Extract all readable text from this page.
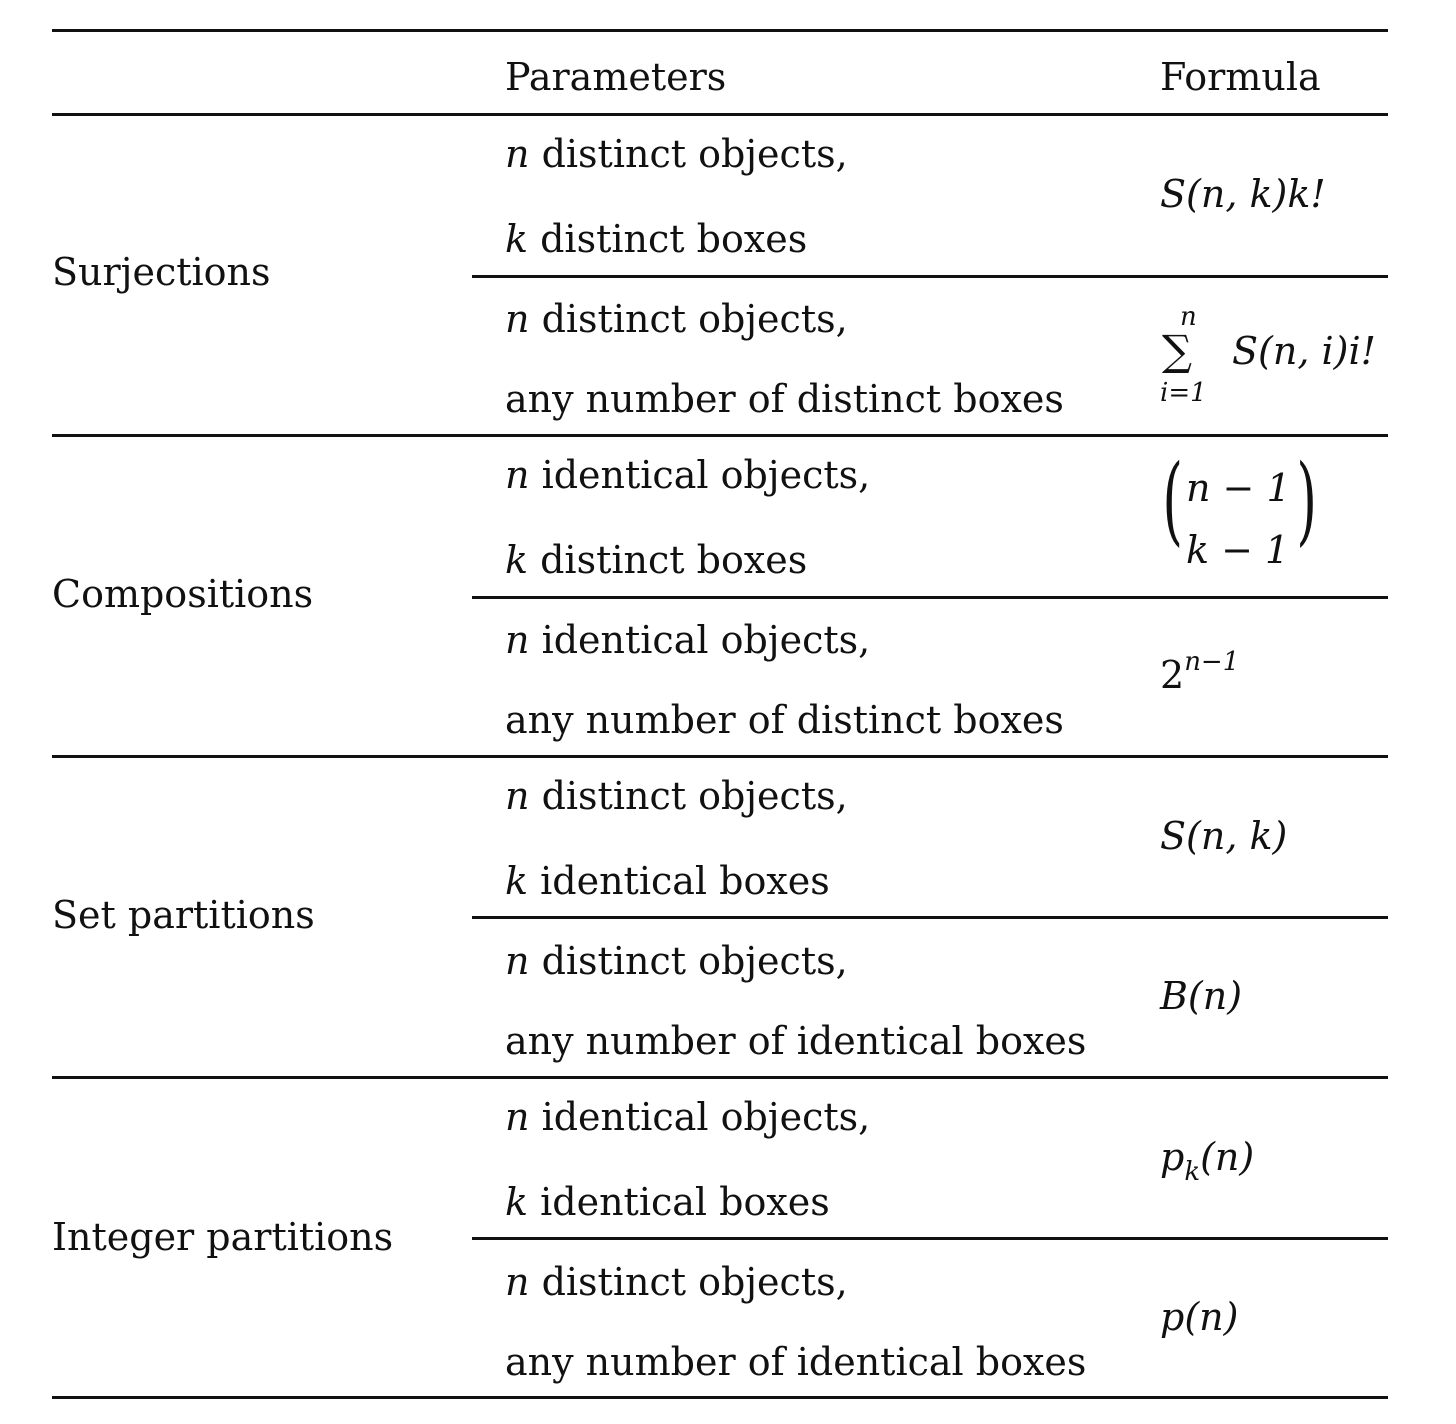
Parameters	Formula
Surjections
n distinct objects,
k distinct boxes
S(n, k)k!
n distinct objects,
any number of distinct boxes
n
∑
i=1
S(n, i)i!
Compositions
n identical objects,
k distinct boxes
( n − 1
k − 1 )
n identical objects,
any number of distinct boxes
$2^{n-1}$
Set partitions
n distinct objects,
k identical boxes
S(n, k)
n distinct objects,
any number of identical boxes
B(n)
Integer partitions
n identical objects,
k identical boxes
$p_k(n)$
n distinct objects,
any number of identical boxes
p(n)
